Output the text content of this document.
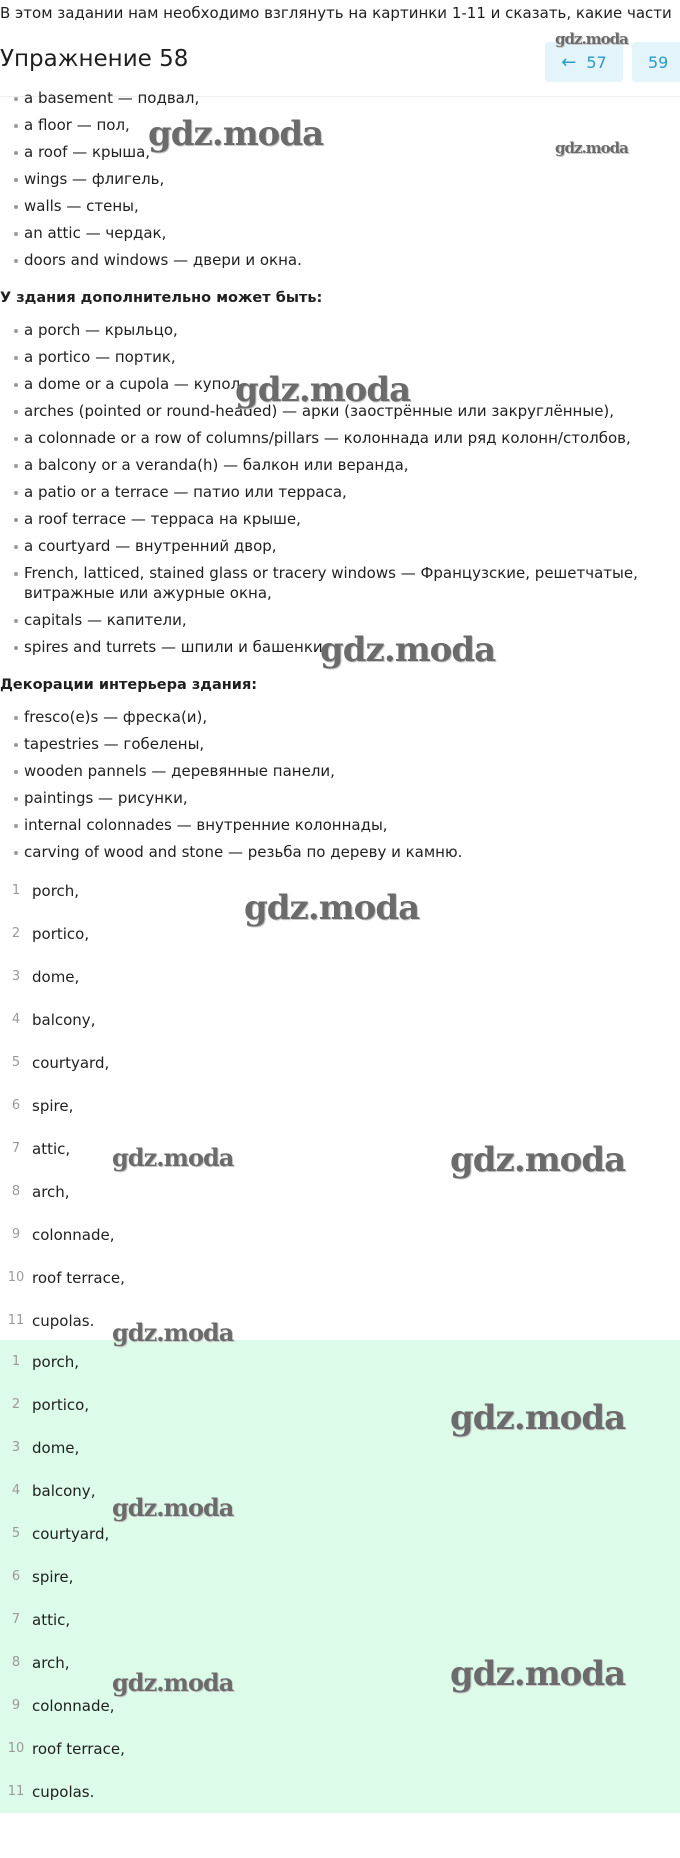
В этом задании нам необходимо взглянуть на картинки 1-11 и сказать, какие части
Упражнение 58	← 57	59
a basement — подвал,
a floor — пол,
a roof — крыша,
wings — флигель,
walls — стены,
an attic — чердак,
doors and windows — двери и окна.
У здания дополнительно может быть:
a porch — крыльцо,
a portico — портик,
a dome or a cupola — купол,
arches (pointed or round-headed) — арки (заострённые или закруглённые),
a colonnade or a row of columns/pillars — колоннада или ряд колонн/столбов,
a balcony or a veranda(h) — балкон или веранда,
a patio or a terrace — патио или терраса,
a roof terrace — терраса на крыше,
a courtyard — внутренний двор,
French, latticed, stained glass or tracery windows — Французские, решетчатые, витражные или ажурные окна,
capitals — капители,
spires and turrets — шпили и башенки.
Декорации интерьера здания:
fresco(e)s — фреска(и),
tapestries — гобелены,
wooden pannels — деревянные панели,
paintings — рисунки,
internal colonnades — внутренние колоннады,
carving of wood and stone — резьба по дереву и камню.
1 porch,
2 portico,
3 dome,
4 balcony,
5 courtyard,
6 spire,
7 attic,
8 arch,
9 colonnade,
10 roof terrace,
11 cupolas.
1 porch,
2 portico,
3 dome,
4 balcony,
5 courtyard,
6 spire,
7 attic,
8 arch,
9 colonnade,
10 roof terrace,
11 cupolas.
gdz.moda
gdz.moda	gdz.moda
gdz.moda
gdz.moda
gdz.moda
gdz.moda	gdz.moda
gdz.moda
gdz.moda
gdz.moda
gdz.moda
gdz.moda
